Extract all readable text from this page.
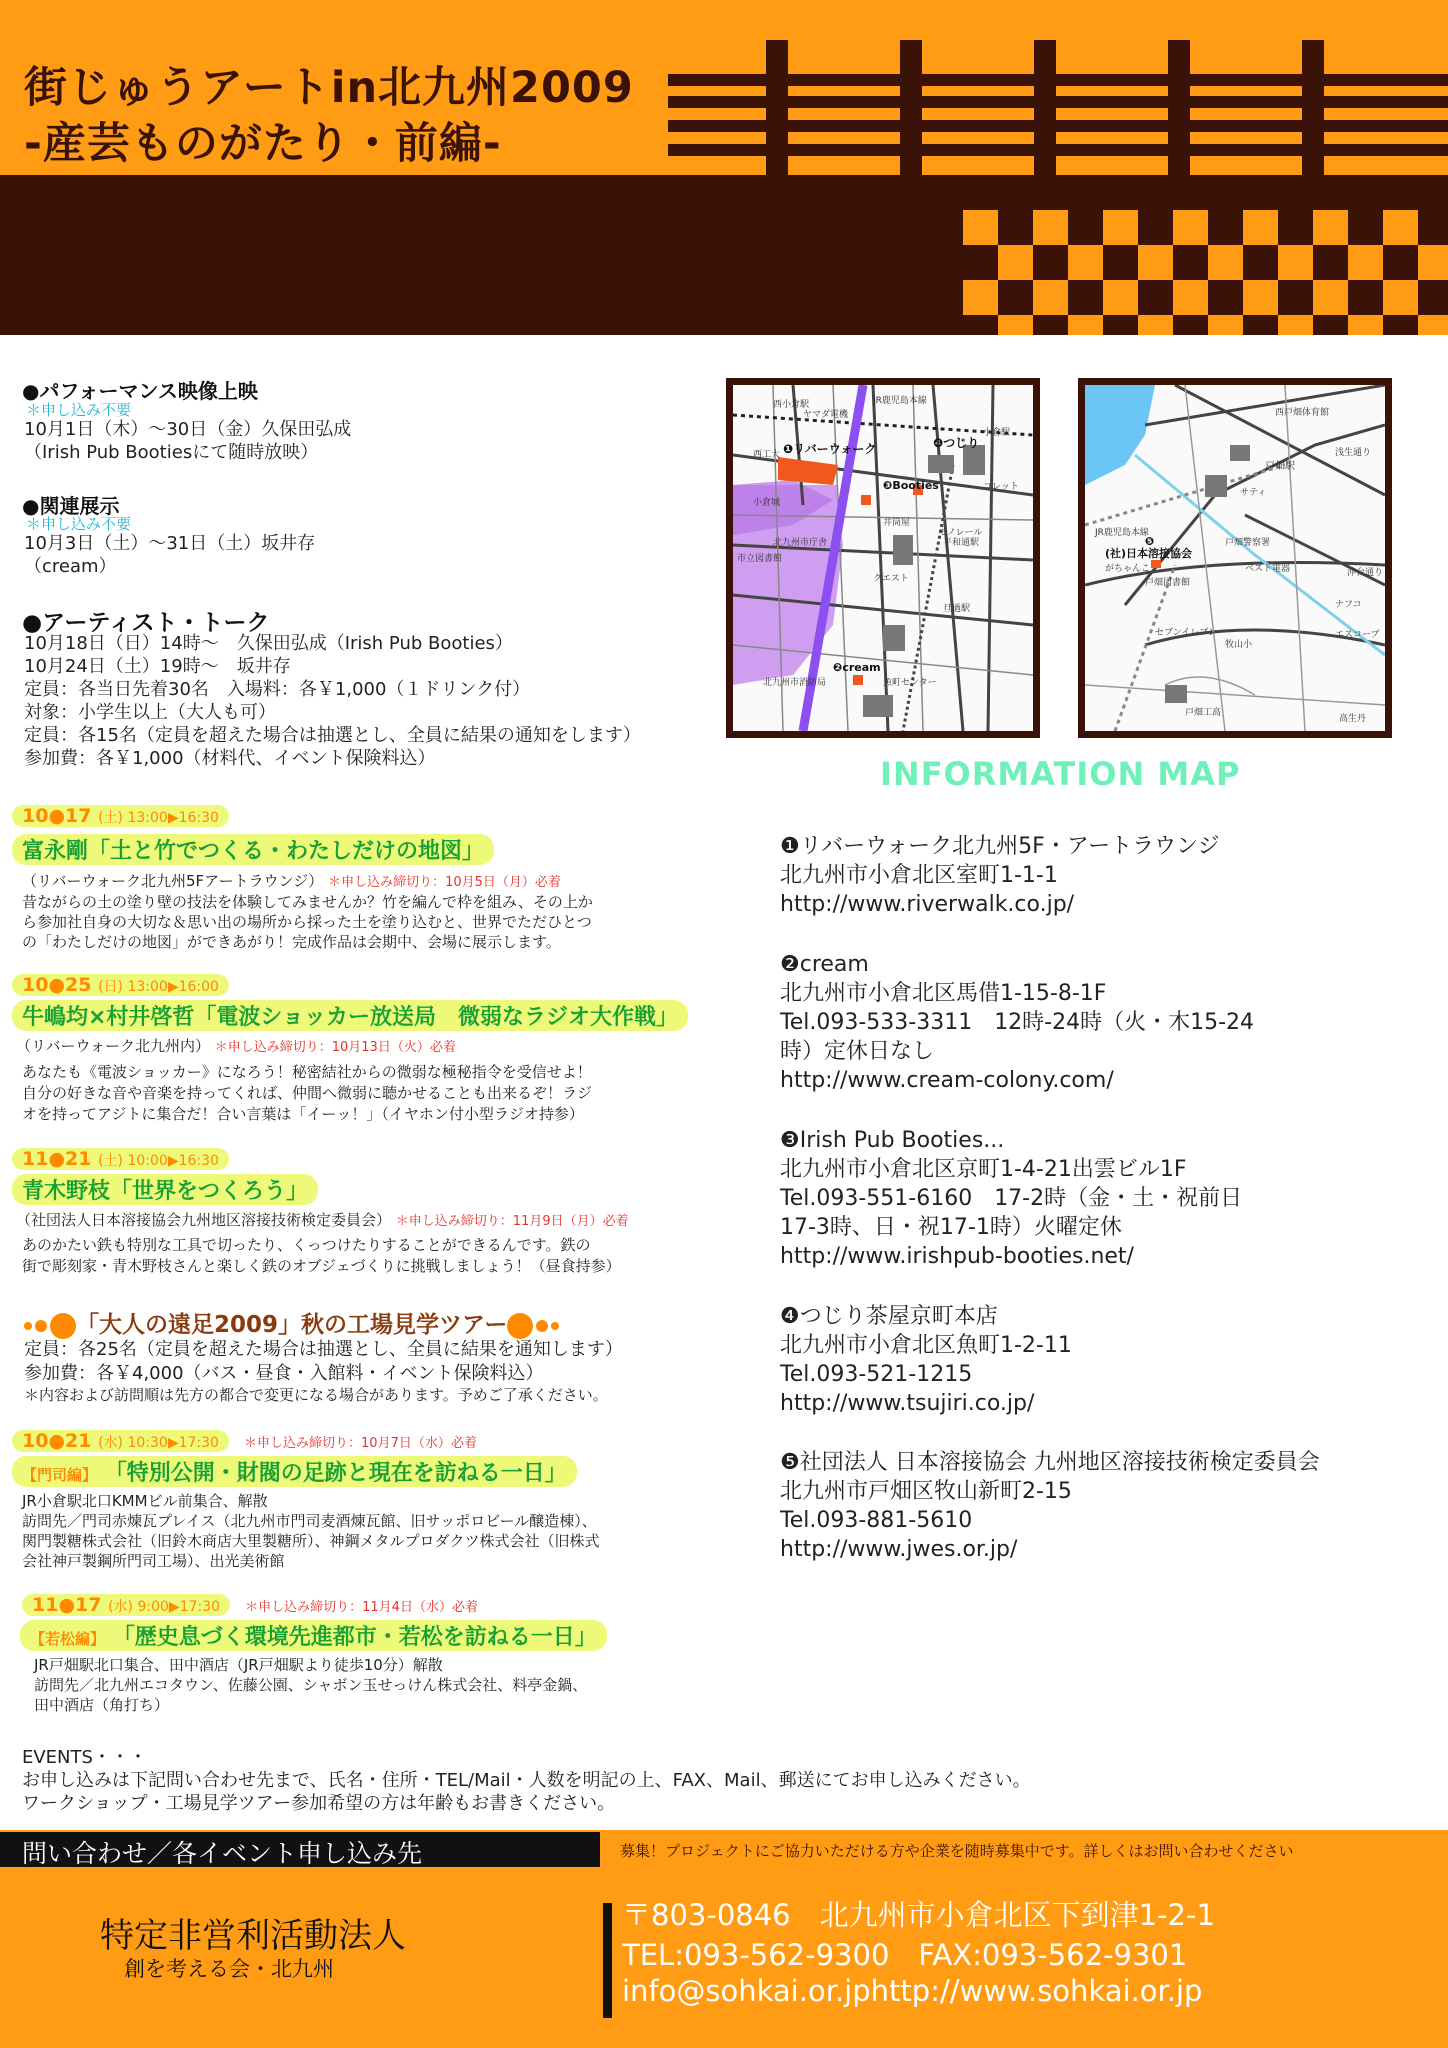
街じゅうアートin北九州2009
-産芸ものがたり・前編-
●パフォーマンス映像上映
＊申し込み不要
10月1日（木）～30日（金）久保田弘成
（Irish Pub Bootiesにて随時放映）
●関連展示
＊申し込み不要
10月3日（土）～31日（土）坂井存
（cream）
●アーティスト・トーク
10月18日（日）14時～　久保田弘成（Irish Pub Booties）
10月24日（土）19時～　坂井存
定員：各当日先着30名　入場料：各￥1,000（１ドリンク付）
対象：小学生以上（大人も可）
定員：各15名（定員を超えた場合は抽選とし、全員に結果の通知をします）
参加費：各￥1,000（材料代、イベント保険料込）
10●17 (土) 13:00▶16:30
富永剛「土と竹でつくる・わたしだけの地図」
（リバーウォーク北九州5Fアートラウンジ） ＊申し込み締切り：10月5日（月）必着
昔ながらの土の塗り壁の技法を体験してみませんか？竹を編んで枠を組み、その上か
ら参加社自身の大切な＆思い出の場所から採った土を塗り込むと、世界でただひとつ
の「わたしだけの地図」ができあがり！完成作品は会期中、会場に展示します。
10●25 (日) 13:00▶16:00
牛嶋均×村井啓哲「電波ショッカー放送局　微弱なラジオ大作戦」
（リバーウォーク北九州内） ＊申し込み締切り：10月13日（火）必着
あなたも《電波ショッカー》になろう！秘密結社からの微弱な極秘指令を受信せよ！
自分の好きな音や音楽を持ってくれば、仲間へ微弱に聴かせることも出来るぞ！ラジ
オを持ってアジトに集合だ！合い言葉は「イーッ！」（イヤホン付小型ラジオ持参）
11●21 (土) 10:00▶16:30
青木野枝「世界をつくろう」
（社団法人日本溶接協会九州地区溶接技術検定委員会） ＊申し込み締切り：11月9日（月）必着
あのかたい鉄も特別な工具で切ったり、くっつけたりすることができるんです。鉄の
街で彫刻家・青木野枝さんと楽しく鉄のオブジェづくりに挑戦しましょう！（昼食持参）
「大人の遠足2009」秋の工場見学ツアー
定員：各25名（定員を超えた場合は抽選とし、全員に結果を通知します）
参加費：各￥4,000（バス・昼食・入館料・イベント保険料込）
＊内容および訪問順は先方の都合で変更になる場合があります。予めご了承ください。
10●21 (水) 10:30▶17:30 ＊申し込み締切り：10月7日（水）必着
【門司編】 「特別公開・財閥の足跡と現在を訪ねる一日」
JR小倉駅北口KMMビル前集合、解散
訪問先／門司赤煉瓦プレイス（北九州市門司麦酒煉瓦館、旧サッポロビール醸造棟）、
関門製糖株式会社（旧鈴木商店大里製糖所）、神鋼メタルプロダクツ株式会社（旧株式
会社神戸製鋼所門司工場）、出光美術館
11●17 (水) 9:00▶17:30 ＊申し込み締切り：11月4日（水）必着
【若松編】 「歴史息づく環境先進都市・若松を訪ねる一日」
JR戸畑駅北口集合、田中酒店（JR戸畑駅より徒歩10分）解散
訪問先／北九州エコタウン、佐藤公園、シャボン玉せっけん株式会社、料亭金鍋、
田中酒店（角打ち）
EVENTS・・・
お申し込みは下記問い合わせ先まで、氏名・住所・TEL/Mail・人数を明記の上、FAX、Mail、郵送にてお申し込みください。
ワークショップ・工場見学ツアー参加希望の方は年齢もお書きください。
❶リバーウォーク	❹つじり
❸Booties
❷cream
西小倉駅	JR鹿児島本線
ヤマダ電機
小倉駅
西工大
コレット
小倉城
井筒屋
北九州市庁舎	平和通駅
市立図書館
クエスト
旦過駅
北九州市消防局	魚町センター
モノレール
西戸畑体育館
浅生通り
戸畑駅
サティ
JR鹿児島本線
❺
(社)日本溶接協会
がちゃんこ
戸畑図書館
戸畑警察署
ベスト電器	沖台通り
ナフコ
エスコープ
セブンイレブン
牧山小
戸畑工高
高生丹
INFORMATION MAP
❶リバーウォーク北九州5F・アートラウンジ
北九州市小倉北区室町1-1-1
http://www.riverwalk.co.jp/
❷cream
北九州市小倉北区馬借1-15-8-1F
Tel.093-533-3311　12時-24時（火・木15-24
時）定休日なし
http://www.cream-colony.com/
❸Irish Pub Booties...
北九州市小倉北区京町1-4-21出雲ビル1F
Tel.093-551-6160　17-2時（金・土・祝前日
17-3時、日・祝17-1時）火曜定休
http://www.irishpub-booties.net/
❹つじり茶屋京町本店
北九州市小倉北区魚町1-2-11
Tel.093-521-1215
http://www.tsujiri.co.jp/
❺社団法人 日本溶接協会 九州地区溶接技術検定委員会
北九州市戸畑区牧山新町2-15
Tel.093-881-5610
http://www.jwes.or.jp/
問い合わせ／各イベント申し込み先	募集！プロジェクトにご協力いただける方や企業を随時募集中です。詳しくはお問い合わせください
特定非営利活動法人
創を考える会・北九州
〒803-0846　北九州市小倉北区下到津1-2-1
TEL:093-562-9300　FAX:093-562-9301
info@sohkai.or.jphttp://www.sohkai.or.jp
